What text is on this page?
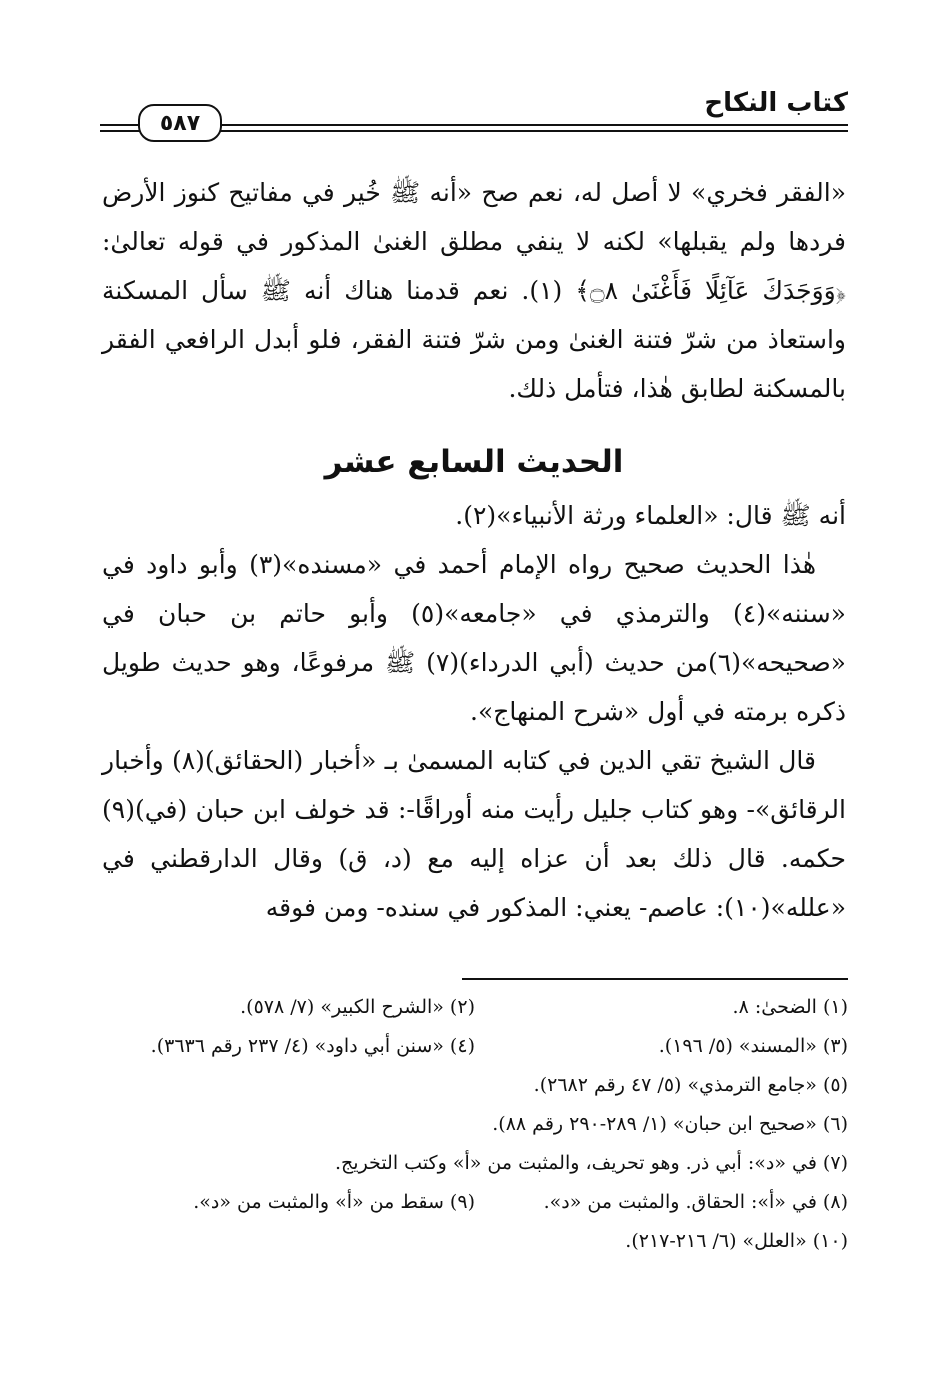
كتاب النكاح
٥٨٧

«الفقر فخري» لا أصل له، نعم صح «أنه ﷺ خُير في مفاتيح كنوز الأرض فردها ولم يقبلها» لكنه لا ينفي مطلق الغنىٰ المذكور في قوله تعالىٰ: ﴿وَوَجَدَكَ عَآئِلًا فَأَغْنَىٰ ۝٨﴾ (١). نعم قدمنا هناك أنه ﷺ سأل المسكنة واستعاذ من شرّ فتنة الغنىٰ ومن شرّ فتنة الفقر، فلو أبدل الرافعي الفقر بالمسكنة لطابق هٰذا، فتأمل ذلك.

الحديث السابع عشر

أنه ﷺ قال: «العلماء ورثة الأنبياء»(٢).

هٰذا الحديث صحيح رواه الإمام أحمد في «مسنده»(٣) وأبو داود في «سننه»(٤) والترمذي في «جامعه»(٥) وأبو حاتم بن حبان في «صحيحه»(٦)من حديث (أبي الدرداء)(٧) ﷺ مرفوعًا، وهو حديث طويل ذكره برمته في أول «شرح المنهاج».

قال الشيخ تقي الدين في كتابه المسمىٰ بـ «أخبار (الحقائق)(٨) وأخبار الرقائق»- وهو كتاب جليل رأيت منه أوراقًا-: قد خولف ابن حبان (في)(٩) حكمه. قال ذلك بعد أن عزاه إليه مع (د، ق) وقال الدارقطني في «علله»(١٠): عاصم- يعني: المذكور في سنده- ومن فوقه

(١) الضحىٰ: ٨.
(٢) «الشرح الكبير» (٧/ ٥٧٨).
(٣) «المسند» (٥/ ١٩٦).
(٤) «سنن أبي داود» (٤/ ٢٣٧ رقم ٣٦٣٦).
(٥) «جامع الترمذي» (٥/ ٤٧ رقم ٢٦٨٢).
(٦) «صحيح ابن حبان» (١/ ٢٨٩-٢٩٠ رقم ٨٨).
(٧) في «د»: أبي ذر. وهو تحريف، والمثبت من «أ» وكتب التخريج.
(٨) في «أ»: الحقاق. والمثبت من «د».
(٩) سقط من «أ» والمثبت من «د».
(١٠) «العلل» (٦/ ٢١٦-٢١٧).
